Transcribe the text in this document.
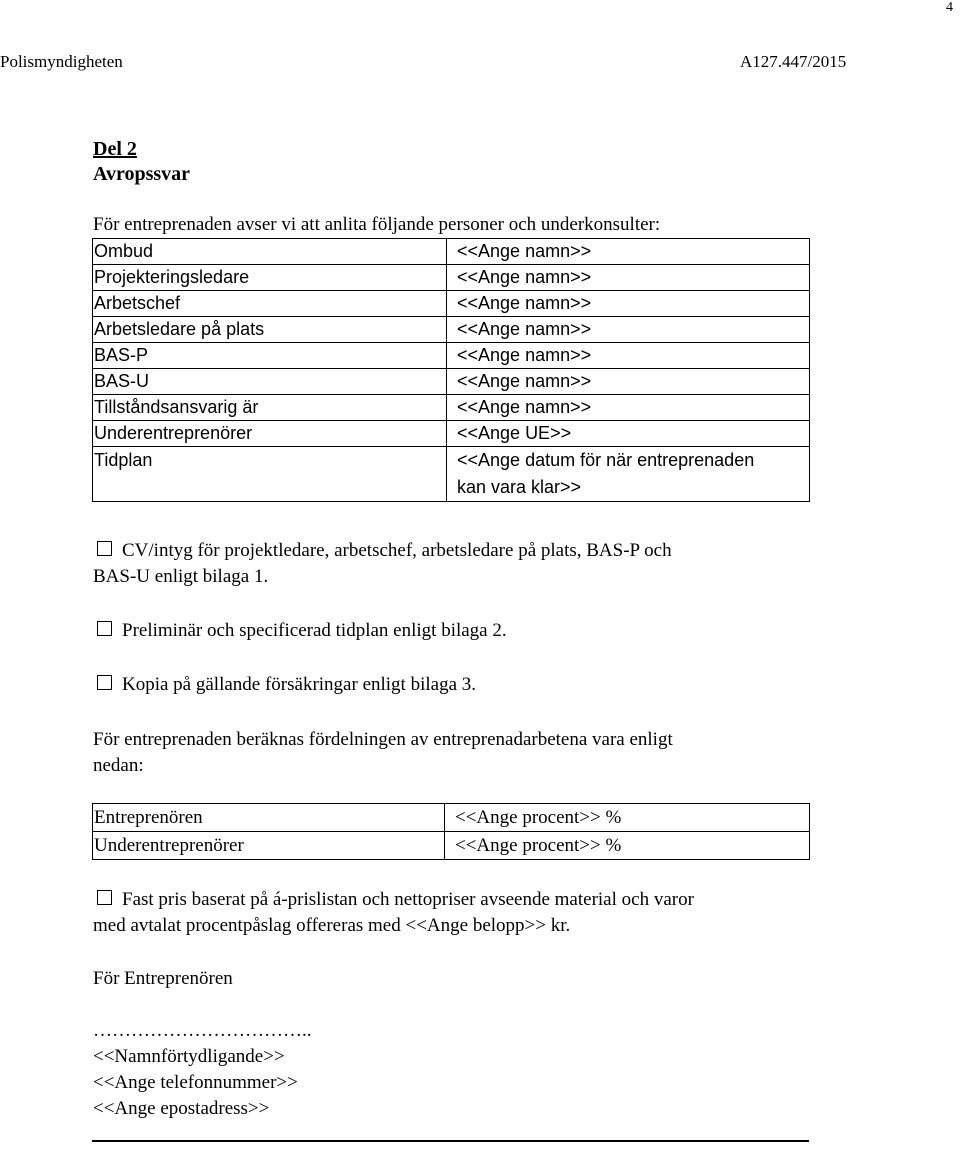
4
Polismyndigheten	A127.447/2015
Del 2
Avropssvar
För entreprenaden avser vi att anlita följande personer och underkonsulter:
Ombud	<<Ange namn>>
Projekteringsledare	<<Ange namn>>
Arbetschef	<<Ange namn>>
Arbetsledare på plats	<<Ange namn>>
BAS-P	<<Ange namn>>
BAS-U	<<Ange namn>>
Tillståndsansvarig är	<<Ange namn>>
Underentreprenörer	<<Ange UE>>
Tidplan	<<Ange datum för när entreprenaden
kan vara klar>>
CV/intyg för projektledare, arbetschef, arbetsledare på plats, BAS-P och
BAS-U enligt bilaga 1.
Preliminär och specificerad tidplan enligt bilaga 2.
Kopia på gällande försäkringar enligt bilaga 3.
För entreprenaden beräknas fördelningen av entreprenadarbetena vara enligt
nedan:
Entreprenören	<<Ange procent>> %
Underentreprenörer	<<Ange procent>> %
Fast pris baserat på á-prislistan och nettopriser avseende material och varor
med avtalat procentpåslag offereras med <<Ange belopp>> kr.
För Entreprenören
……………………………..
<<Namnförtydligande>>
<<Ange telefonnummer>>
<<Ange epostadress>>
